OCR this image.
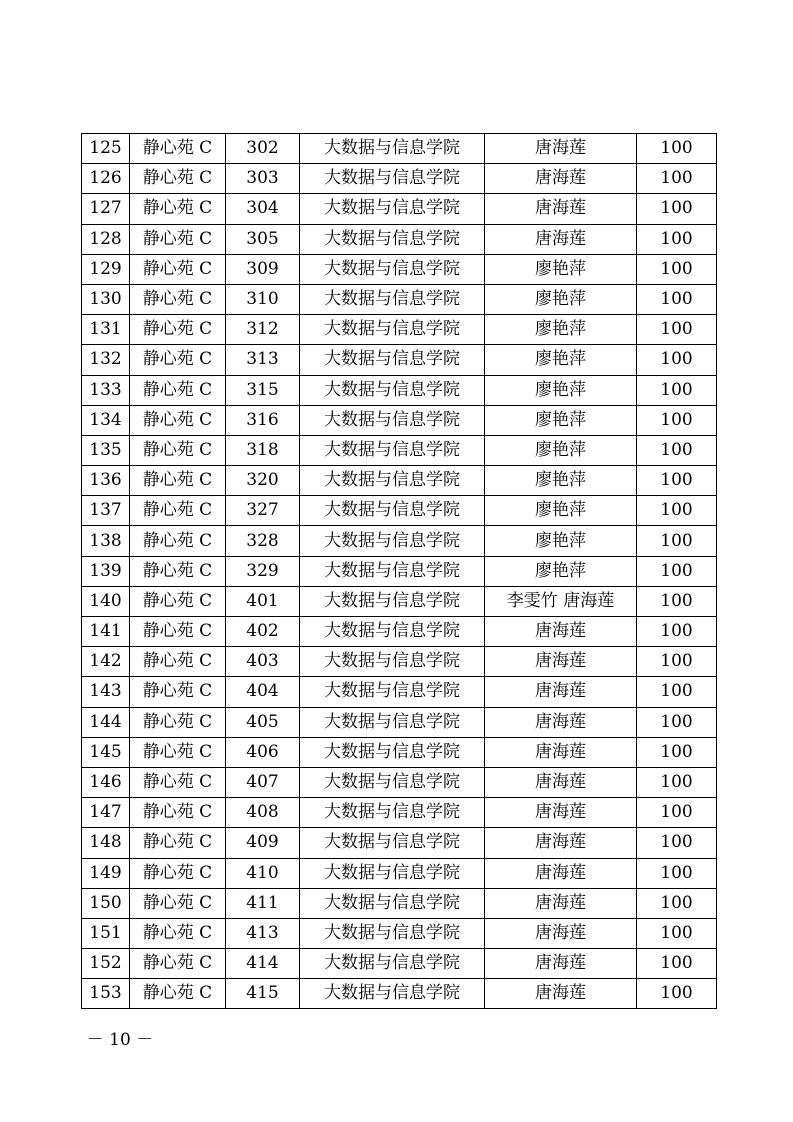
125	静心苑 C	302	大数据与信息学院	唐海莲	100
126	静心苑 C	303	大数据与信息学院	唐海莲	100
127	静心苑 C	304	大数据与信息学院	唐海莲	100
128	静心苑 C	305	大数据与信息学院	唐海莲	100
129	静心苑 C	309	大数据与信息学院	廖艳萍	100
130	静心苑 C	310	大数据与信息学院	廖艳萍	100
131	静心苑 C	312	大数据与信息学院	廖艳萍	100
132	静心苑 C	313	大数据与信息学院	廖艳萍	100
133	静心苑 C	315	大数据与信息学院	廖艳萍	100
134	静心苑 C	316	大数据与信息学院	廖艳萍	100
135	静心苑 C	318	大数据与信息学院	廖艳萍	100
136	静心苑 C	320	大数据与信息学院	廖艳萍	100
137	静心苑 C	327	大数据与信息学院	廖艳萍	100
138	静心苑 C	328	大数据与信息学院	廖艳萍	100
139	静心苑 C	329	大数据与信息学院	廖艳萍	100
140	静心苑 C	401	大数据与信息学院	李雯竹 唐海莲	100
141	静心苑 C	402	大数据与信息学院	唐海莲	100
142	静心苑 C	403	大数据与信息学院	唐海莲	100
143	静心苑 C	404	大数据与信息学院	唐海莲	100
144	静心苑 C	405	大数据与信息学院	唐海莲	100
145	静心苑 C	406	大数据与信息学院	唐海莲	100
146	静心苑 C	407	大数据与信息学院	唐海莲	100
147	静心苑 C	408	大数据与信息学院	唐海莲	100
148	静心苑 C	409	大数据与信息学院	唐海莲	100
149	静心苑 C	410	大数据与信息学院	唐海莲	100
150	静心苑 C	411	大数据与信息学院	唐海莲	100
151	静心苑 C	413	大数据与信息学院	唐海莲	100
152	静心苑 C	414	大数据与信息学院	唐海莲	100
153	静心苑 C	415	大数据与信息学院	唐海莲	100
－ 10 －
